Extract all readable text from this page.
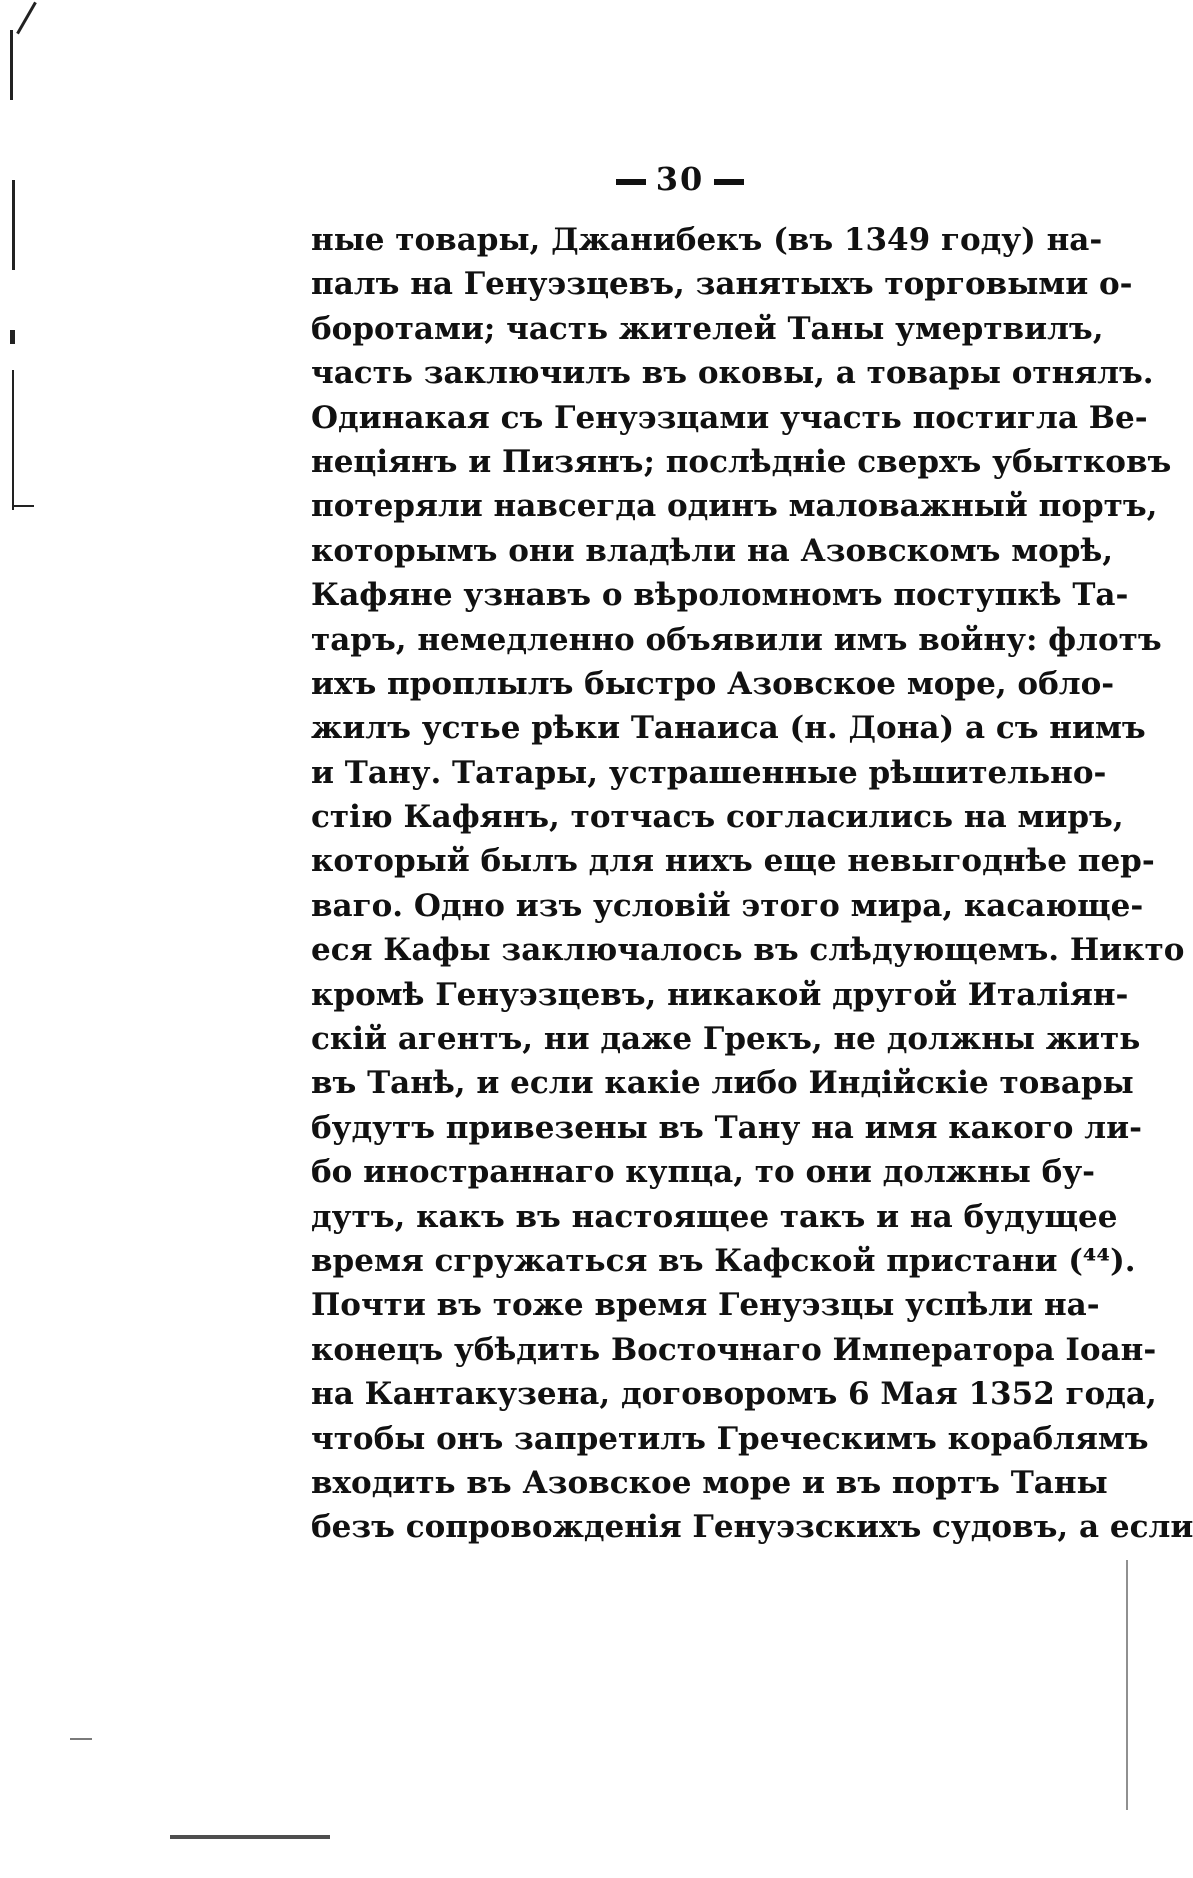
30
ные товары, Джанибекъ (въ 1349 году) на-
палъ на Генуэзцевъ, занятыхъ торговыми о-
боротами; часть жителей Таны умертвилъ,
часть заключилъ въ оковы, а товары отнялъ.
Одинакая съ Генуэзцами участь постигла Ве-
неціянъ и Пизянъ; послѣдніе сверхъ убытковъ
потеряли навсегда одинъ маловажный портъ,
которымъ они владѣли на Азовскомъ морѣ,
Кафяне узнавъ о вѣроломномъ поступкѣ Та-
таръ, немедленно объявили имъ войну: флотъ
ихъ проплылъ быстро Азовское море, обло-
жилъ устье рѣки Танаиса (н. Дона) а съ нимъ
и Тану. Татары, устрашенные рѣшительно-
стію Кафянъ, тотчасъ согласились на миръ,
который былъ для нихъ еще невыгоднѣе пер-
ваго. Одно изъ условій этого мира, касающе-
еся Кафы заключалось въ слѣдующемъ. Никто
кромѣ Генуэзцевъ, никакой другой Италіян-
скій агентъ, ни даже Грекъ, не должны жить
въ Танѣ, и если какіе либо Индійскіе товары
будутъ привезены въ Тану на имя какого ли-
бо иностраннаго купца, то они должны бу-
дутъ, какъ въ настоящее такъ и на будущее
время сгружаться въ Кафской пристани (⁴⁴).
Почти въ тоже время Генуэзцы успѣли на-
конецъ убѣдить Восточнаго Императора Іоан-
на Кантакузена, договоромъ 6 Мая 1352 года,
чтобы онъ запретилъ Греческимъ кораблямъ
входить въ Азовское море и въ портъ Таны
безъ сопровожденія Генуэзскихъ судовъ, а если
